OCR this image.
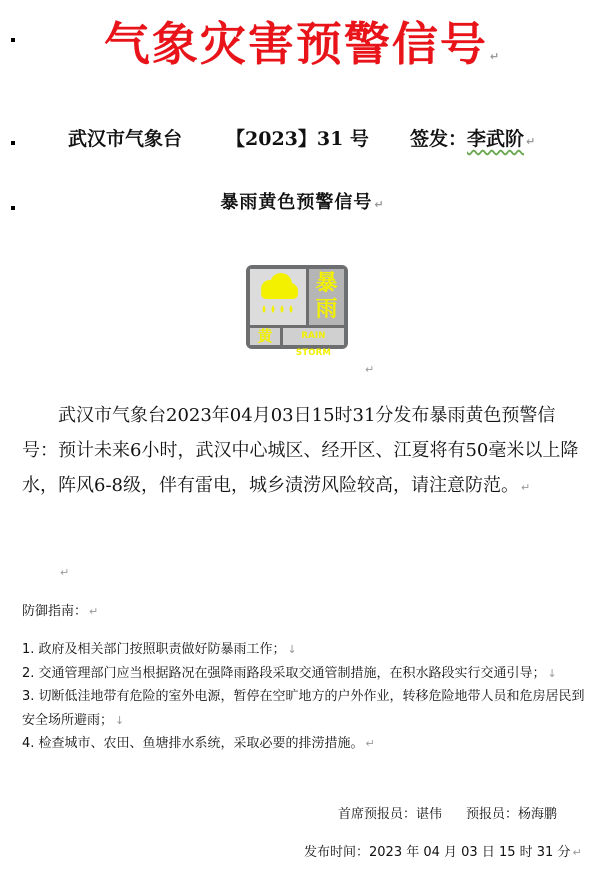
气象灾害预警信号 ↵
武汉市气象台 【2023】31 号 签发：李武阶 ↵
暴雨黄色预警信号 ↵
暴
雨
黄	RAIN STORM
↵

武汉市气象台2023年04月03日15时31分发布暴雨黄色预警信号：预计未来6小时，武汉中心城区、经开区、江夏将有50毫米以上降水，阵风6-8级，伴有雷电，城乡渍涝风险较高，请注意防范。 ↵

↵
防御指南： ↵
1. 政府及相关部门按照职责做好防暴雨工作； ↓
2. 交通管理部门应当根据路况在强降雨路段采取交通管制措施，在积水路段实行交通引导； ↓
3. 切断低洼地带有危险的室外电源，暂停在空旷地方的户外作业，转移危险地带人员和危房居民到安全场所避雨； ↓
4. 检查城市、农田、鱼塘排水系统，采取必要的排涝措施。 ↵
首席预报员：谌伟 预报员：杨海鹏
发布时间：2023 年 04 月 03 日 15 时 31 分 ↵
